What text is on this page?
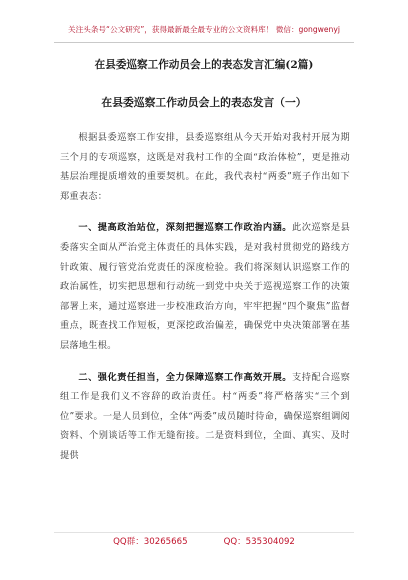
关注头条号“公文研究”，获得最新最全最专业的公文资料库！ 微信：gongwenyj
在县委巡察工作动员会上的表态发言汇编(2篇)
在县委巡察工作动员会上的表态发言（一）

根据县委巡察工作安排，县委巡察组从今天开始对我村开展为期三个月的专项巡察，这既是对我村工作的全面“政治体检”，更是推动基层治理提质增效的重要契机。在此，我代表村“两委”班子作出如下郑重表态：

一、提高政治站位，深刻把握巡察工作政治内涵。此次巡察是县委落实全面从严治党主体责任的具体实践，是对我村贯彻党的路线方针政策、履行管党治党责任的深度检验。我们将深刻认识巡察工作的政治属性，切实把思想和行动统一到党中央关于巡视巡察工作的决策部署上来，通过巡察进一步校准政治方向，牢牢把握“四个聚焦”监督重点，既查找工作短板，更深挖政治偏差，确保党中央决策部署在基层落地生根。

二、强化责任担当，全力保障巡察工作高效开展。支持配合巡察组工作是我们义不容辞的政治责任。村“两委”将严格落实“三个到位”要求。一是人员到位，全体“两委”成员随时待命，确保巡察组调阅资料、个别谈话等工作无缝衔接。二是资料到位，全面、真实、及时提供

QQ群：30265665	QQ：535304092
